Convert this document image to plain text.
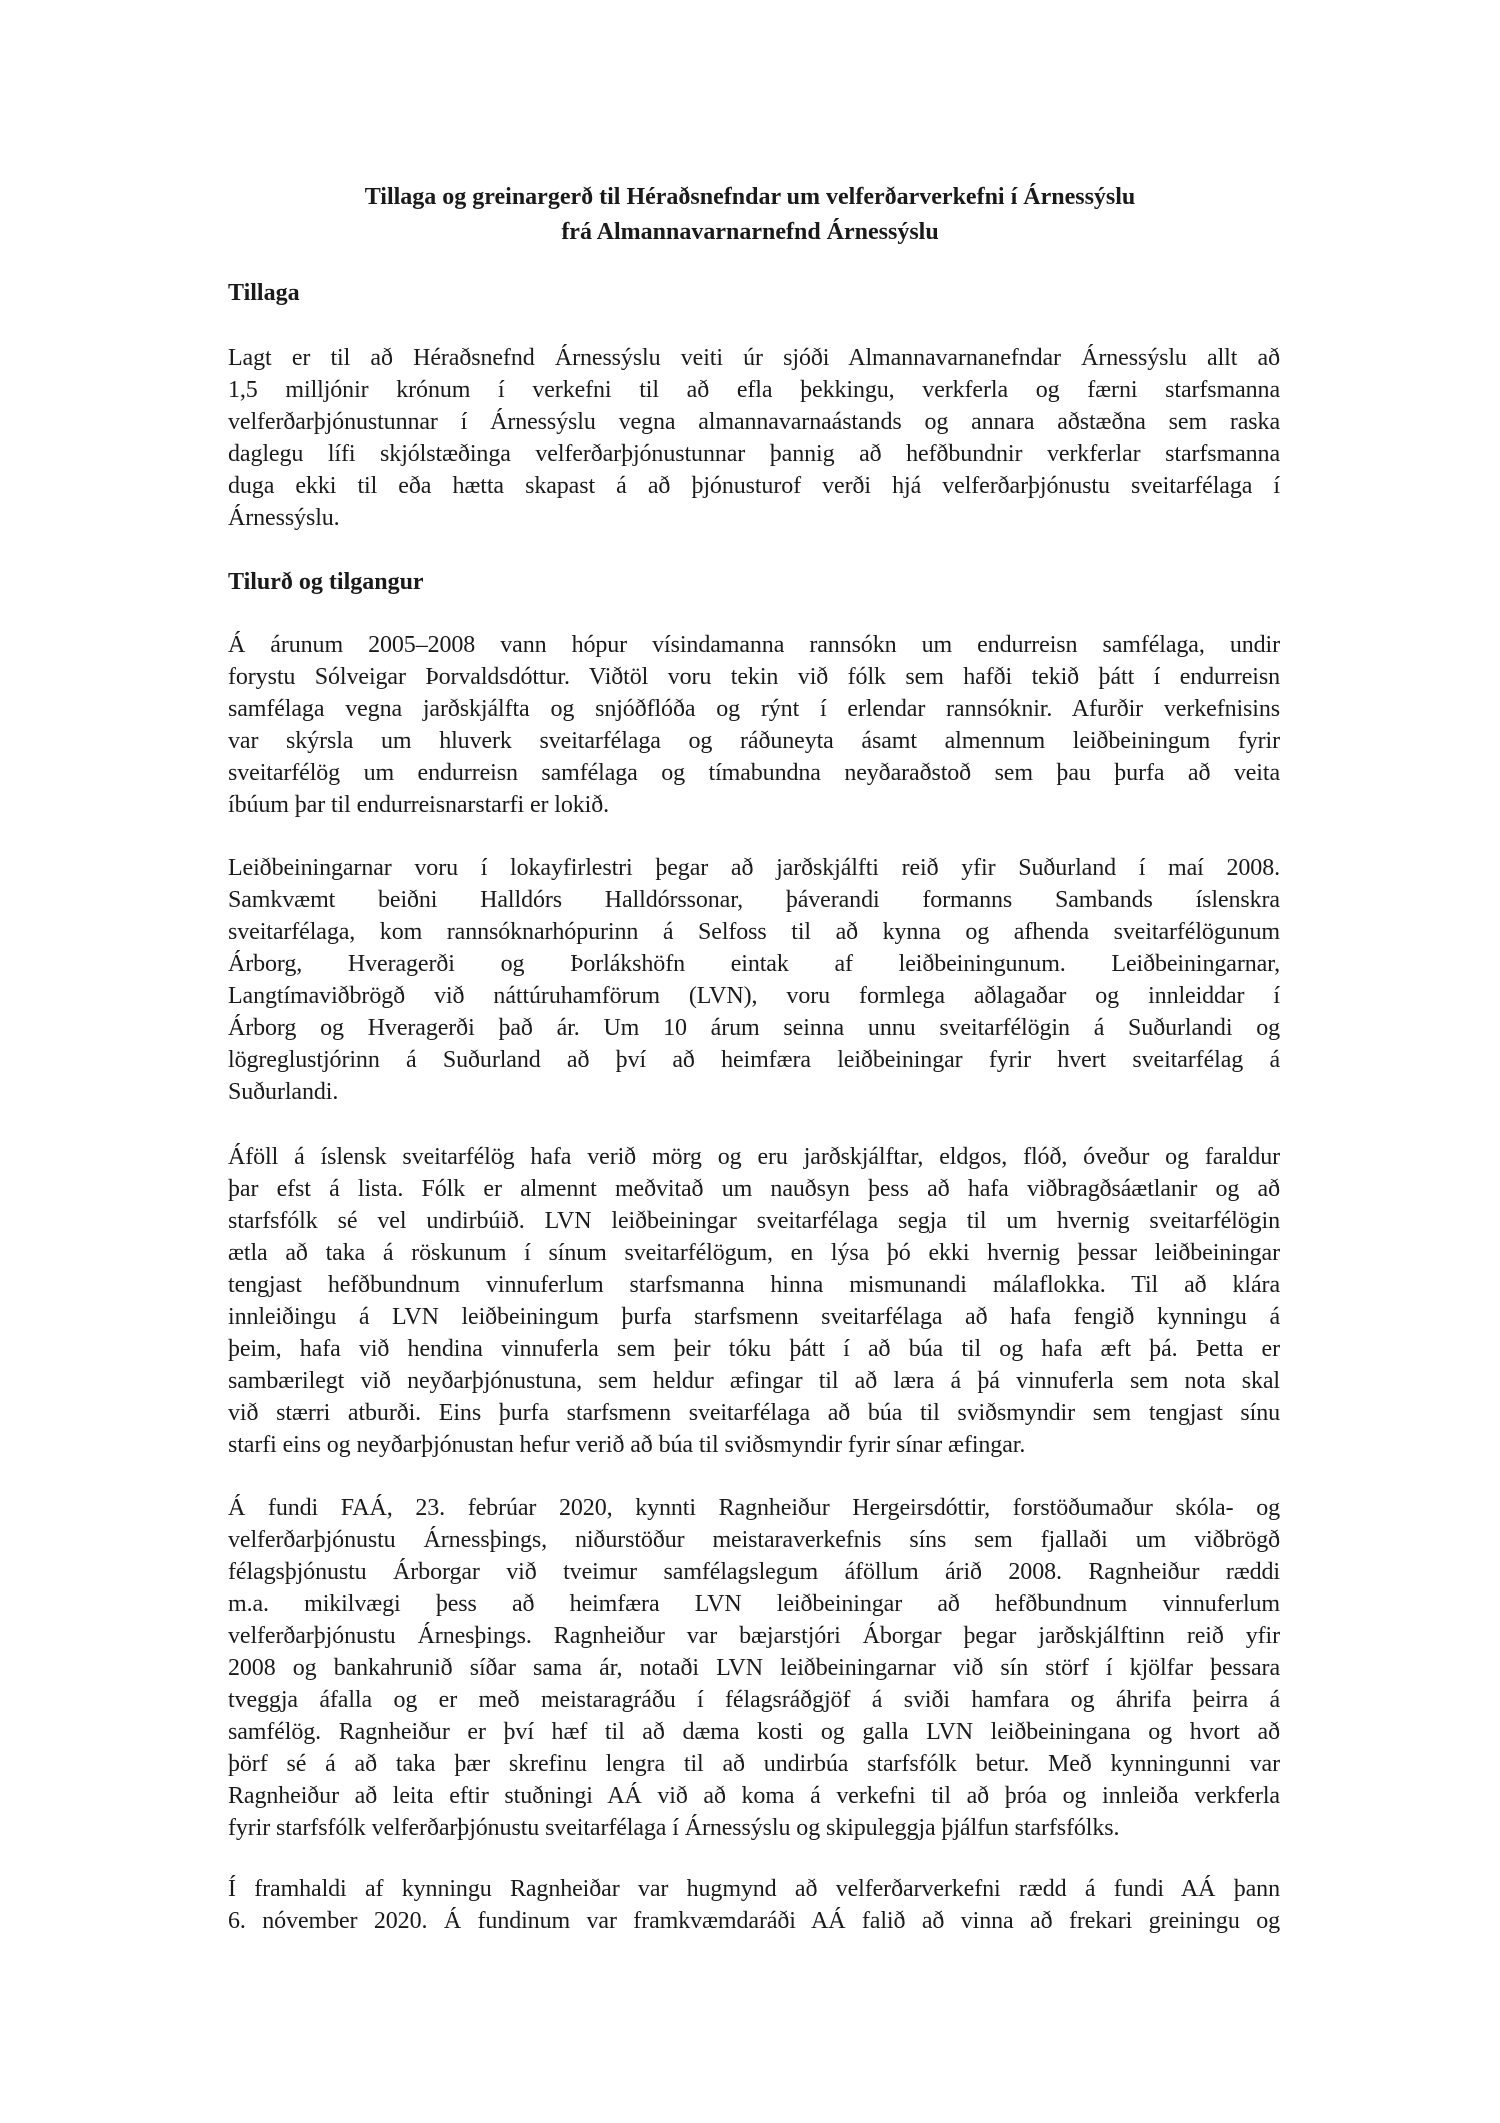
Tillaga og greinargerð til Héraðsnefndar um velferðarverkefni í Árnessýslu
frá Almannavarnarnefnd Árnessýslu
Tillaga
Lagt er til að Héraðsnefnd Árnessýslu veiti úr sjóði Almannavarnanefndar Árnessýslu allt að
1,5 milljónir krónum í verkefni til að efla þekkingu, verkferla og færni starfsmanna
velferðarþjónustunnar í Árnessýslu vegna almannavarnaástands og annara aðstæðna sem raska
daglegu lífi skjólstæðinga velferðarþjónustunnar þannig að hefðbundnir verkferlar starfsmanna
duga ekki til eða hætta skapast á að þjónusturof verði hjá velferðarþjónustu sveitarfélaga í
Árnessýslu.
Tilurð og tilgangur
Á árunum 2005–2008 vann hópur vísindamanna rannsókn um endurreisn samfélaga, undir
forystu Sólveigar Þorvaldsdóttur. Viðtöl voru tekin við fólk sem hafði tekið þátt í endurreisn
samfélaga vegna jarðskjálfta og snjóðflóða og rýnt í erlendar rannsóknir. Afurðir verkefnisins
var skýrsla um hluverk sveitarfélaga og ráðuneyta ásamt almennum leiðbeiningum fyrir
sveitarfélög um endurreisn samfélaga og tímabundna neyðaraðstoð sem þau þurfa að veita
íbúum þar til endurreisnarstarfi er lokið.
Leiðbeiningarnar voru í lokayfirlestri þegar að jarðskjálfti reið yfir Suðurland í maí 2008.
Samkvæmt beiðni Halldórs Halldórssonar, þáverandi formanns Sambands íslenskra
sveitarfélaga, kom rannsóknarhópurinn á Selfoss til að kynna og afhenda sveitarfélögunum
Árborg, Hveragerði og Þorlákshöfn eintak af leiðbeiningunum. Leiðbeiningarnar,
Langtímaviðbrögð við náttúruhamförum (LVN), voru formlega aðlagaðar og innleiddar í
Árborg og Hveragerði það ár. Um 10 árum seinna unnu sveitarfélögin á Suðurlandi og
lögreglustjórinn á Suðurland að því að heimfæra leiðbeiningar fyrir hvert sveitarfélag á
Suðurlandi.
Áföll á íslensk sveitarfélög hafa verið mörg og eru jarðskjálftar, eldgos, flóð, óveður og faraldur
þar efst á lista. Fólk er almennt meðvitað um nauðsyn þess að hafa viðbragðsáætlanir og að
starfsfólk sé vel undirbúið. LVN leiðbeiningar sveitarfélaga segja til um hvernig sveitarfélögin
ætla að taka á röskunum í sínum sveitarfélögum, en lýsa þó ekki hvernig þessar leiðbeiningar
tengjast hefðbundnum vinnuferlum starfsmanna hinna mismunandi málaflokka. Til að klára
innleiðingu á LVN leiðbeiningum þurfa starfsmenn sveitarfélaga að hafa fengið kynningu á
þeim, hafa við hendina vinnuferla sem þeir tóku þátt í að búa til og hafa æft þá. Þetta er
sambærilegt við neyðarþjónustuna, sem heldur æfingar til að læra á þá vinnuferla sem nota skal
við stærri atburði. Eins þurfa starfsmenn sveitarfélaga að búa til sviðsmyndir sem tengjast sínu
starfi eins og neyðarþjónustan hefur verið að búa til sviðsmyndir fyrir sínar æfingar.
Á fundi FAÁ, 23. febrúar 2020, kynnti Ragnheiður Hergeirsdóttir, forstöðumaður skóla- og
velferðarþjónustu Árnessþings, niðurstöður meistaraverkefnis síns sem fjallaði um viðbrögð
félagsþjónustu Árborgar við tveimur samfélagslegum áföllum árið 2008. Ragnheiður ræddi
m.a. mikilvægi þess að heimfæra LVN leiðbeiningar að hefðbundnum vinnuferlum
velferðarþjónustu Árnesþings. Ragnheiður var bæjarstjóri Áborgar þegar jarðskjálftinn reið yfir
2008 og bankahrunið síðar sama ár, notaði LVN leiðbeiningarnar við sín störf í kjölfar þessara
tveggja áfalla og er með meistaragráðu í félagsráðgjöf á sviði hamfara og áhrifa þeirra á
samfélög. Ragnheiður er því hæf til að dæma kosti og galla LVN leiðbeiningana og hvort að
þörf sé á að taka þær skrefinu lengra til að undirbúa starfsfólk betur. Með kynningunni var
Ragnheiður að leita eftir stuðningi AÁ við að koma á verkefni til að þróa og innleiða verkferla
fyrir starfsfólk velferðarþjónustu sveitarfélaga í Árnessýslu og skipuleggja þjálfun starfsfólks.
Í framhaldi af kynningu Ragnheiðar var hugmynd að velferðarverkefni rædd á fundi AÁ þann
6. nóvember 2020. Á fundinum var framkvæmdaráði AÁ falið að vinna að frekari greiningu og
